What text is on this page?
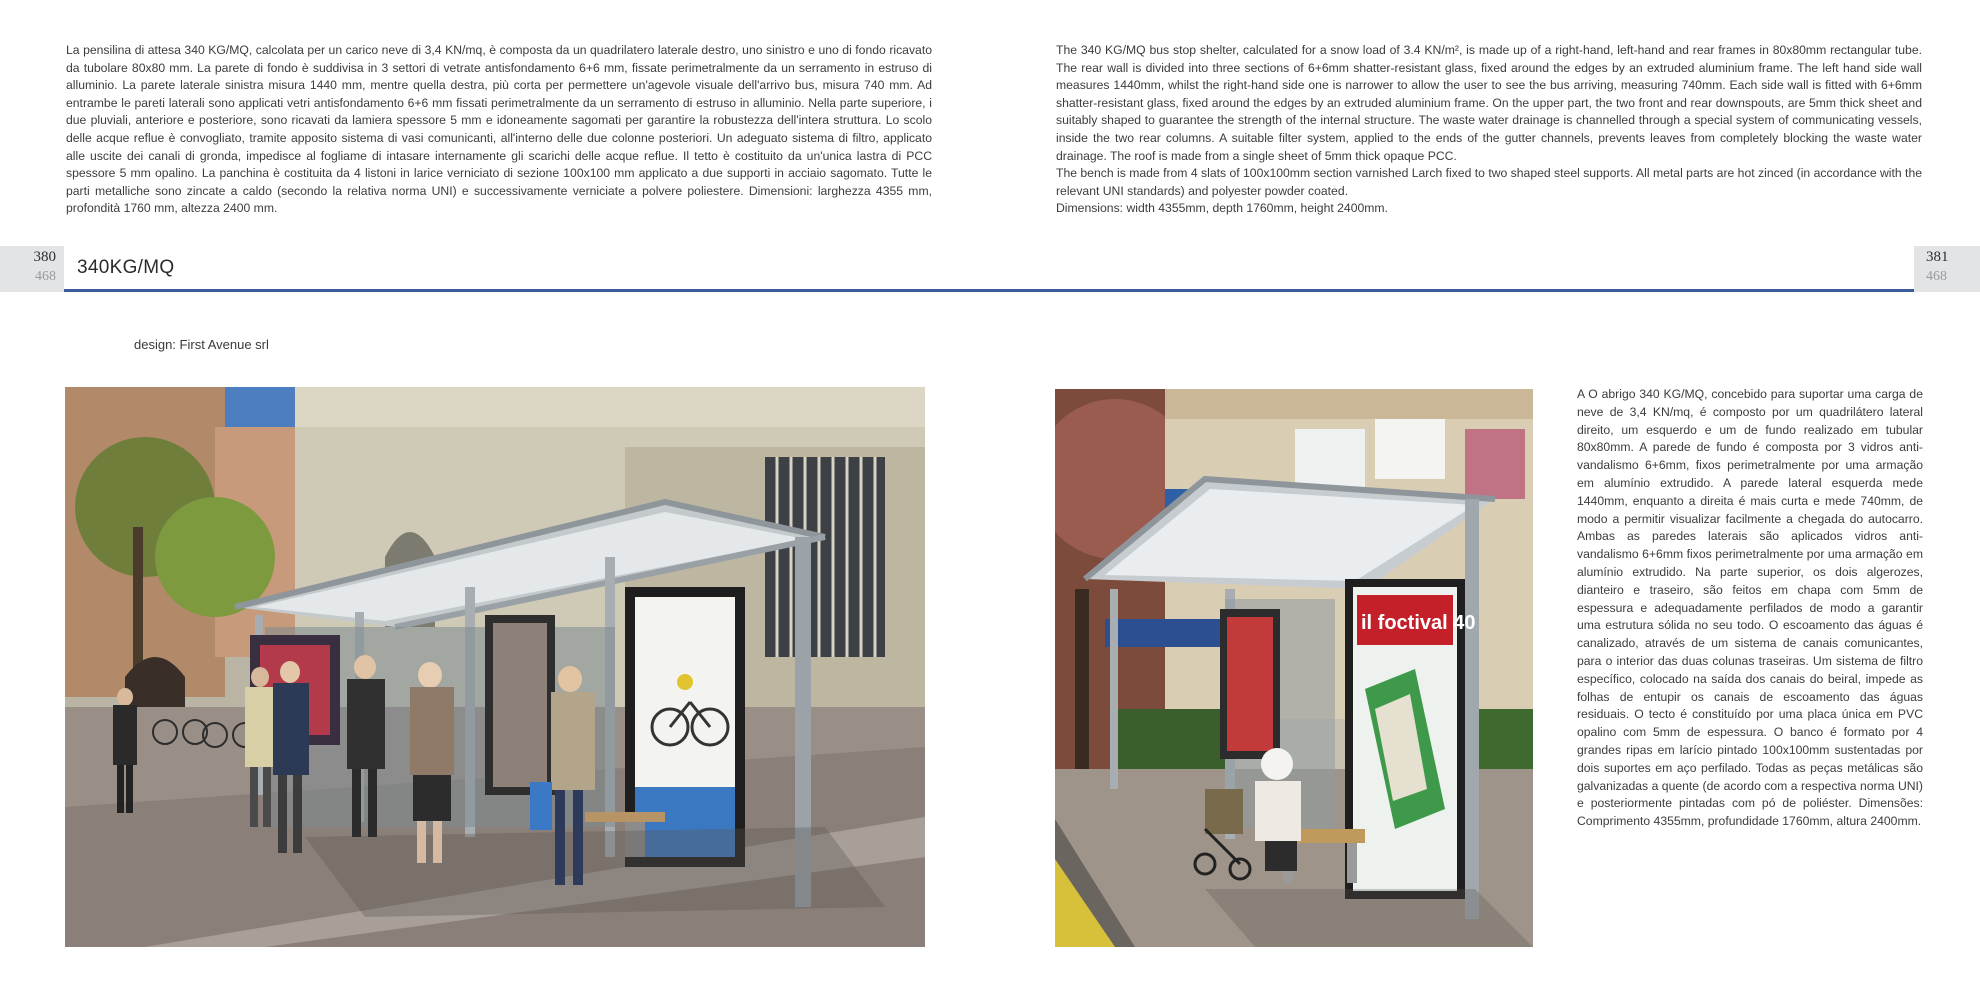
La pensilina di attesa 340 KG/MQ, calcolata per un carico neve di 3,4 KN/mq, è composta da un quadrilatero laterale destro, uno sinistro e uno di fondo ricavato da tubolare 80x80 mm. La parete di fondo è suddivisa in 3 settori di vetrate antisfondamento 6+6 mm, fissate perimetralmente da un serramento in estruso di alluminio. La parete laterale sinistra misura 1440 mm, mentre quella destra, più corta per permettere un'agevole visuale dell'arrivo bus, misura 740 mm. Ad entrambe le pareti laterali sono applicati vetri antisfondamento 6+6 mm fissati perimetralmente da un serramento di estruso in alluminio. Nella parte superiore, i due pluviali, anteriore e posteriore, sono ricavati da lamiera spessore 5 mm e idoneamente sagomati per garantire la robustezza dell'intera struttura. Lo scolo delle acque reflue è convogliato, tramite apposito sistema di vasi comunicanti, all'interno delle due colonne posteriori. Un adeguato sistema di filtro, applicato alle uscite dei canali di gronda, impedisce al fogliame di intasare internamente gli scarichi delle acque reflue. Il tetto è costituito da un'unica lastra di PCC spessore 5 mm opalino. La panchina è costituita da 4 listoni in larice verniciato di sezione 100x100 mm applicato a due supporti in acciaio sagomato. Tutte le parti metalliche sono zincate a caldo (secondo la relativa norma UNI) e successivamente verniciate a polvere poliestere. Dimensioni: larghezza 4355 mm, profondità 1760 mm, altezza 2400 mm.

The 340 KG/MQ bus stop shelter, calculated for a snow load of 3.4 KN/m², is made up of a right-hand, left-hand and rear frames in 80x80mm rectangular tube. The rear wall is divided into three sections of 6+6mm shatter-resistant glass, fixed around the edges by an extruded aluminium frame. The left hand side wall measures 1440mm, whilst the right-hand side one is narrower to allow the user to see the bus arriving, measuring 740mm. Each side wall is fitted with 6+6mm shatter-resistant glass, fixed around the edges by an extruded aluminium frame. On the upper part, the two front and rear downspouts, are 5mm thick sheet and suitably shaped to guarantee the strength of the internal structure. The waste water drainage is channelled through a special system of communicating vessels, inside the two rear columns. A suitable filter system, applied to the ends of the gutter channels, prevents leaves from completely blocking the waste water drainage. The roof is made from a single sheet of 5mm thick opaque PCC.

The bench is made from 4 slats of 100x100mm section varnished Larch fixed to two shaped steel supports. All metal parts are hot zinced (in accordance with the relevant UNI standards) and polyester powder coated.

Dimensions: width 4355mm, depth 1760mm, height 2400mm.

380
468
381
468
340KG/MQ
design: First Avenue srl
il foctival 40
A O abrigo 340 KG/MQ, concebido para suportar uma carga de neve de 3,4 KN/mq, é composto por um quadrilátero lateral direito, um esquerdo e um de fundo realizado em tubular 80x80mm. A parede de fundo é composta por 3 vidros anti-vandalismo 6+6mm, fixos perimetralmente por uma armação em alumínio extrudido. A parede lateral esquerda mede 1440mm, enquanto a direita é mais curta e mede 740mm, de modo a permitir visualizar facilmente a chegada do autocarro. Ambas as paredes laterais são aplicados vidros anti-vandalismo 6+6mm fixos perimetralmente por uma armação em alumínio extrudido. Na parte superior, os dois algerozes, dianteiro e traseiro, são feitos em chapa com 5mm de espessura e adequadamente perfilados de modo a garantir uma estrutura sólida no seu todo. O escoamento das águas é canalizado, através de um sistema de canais comunicantes, para o interior das duas colunas traseiras. Um sistema de filtro específico, colocado na saída dos canais do beiral, impede as folhas de entupir os canais de escoamento das águas residuais. O tecto é constituído por uma placa única em PVC opalino com 5mm de espessura. O banco é formato por 4 grandes ripas em larício pintado 100x100mm sustentadas por dois suportes em aço perfilado. Todas as peças metálicas são galvanizadas a quente (de acordo com a respectiva norma UNI) e posteriormente pintadas com pó de poliéster. Dimensões: Comprimento 4355mm, profundidade 1760mm, altura 2400mm.
